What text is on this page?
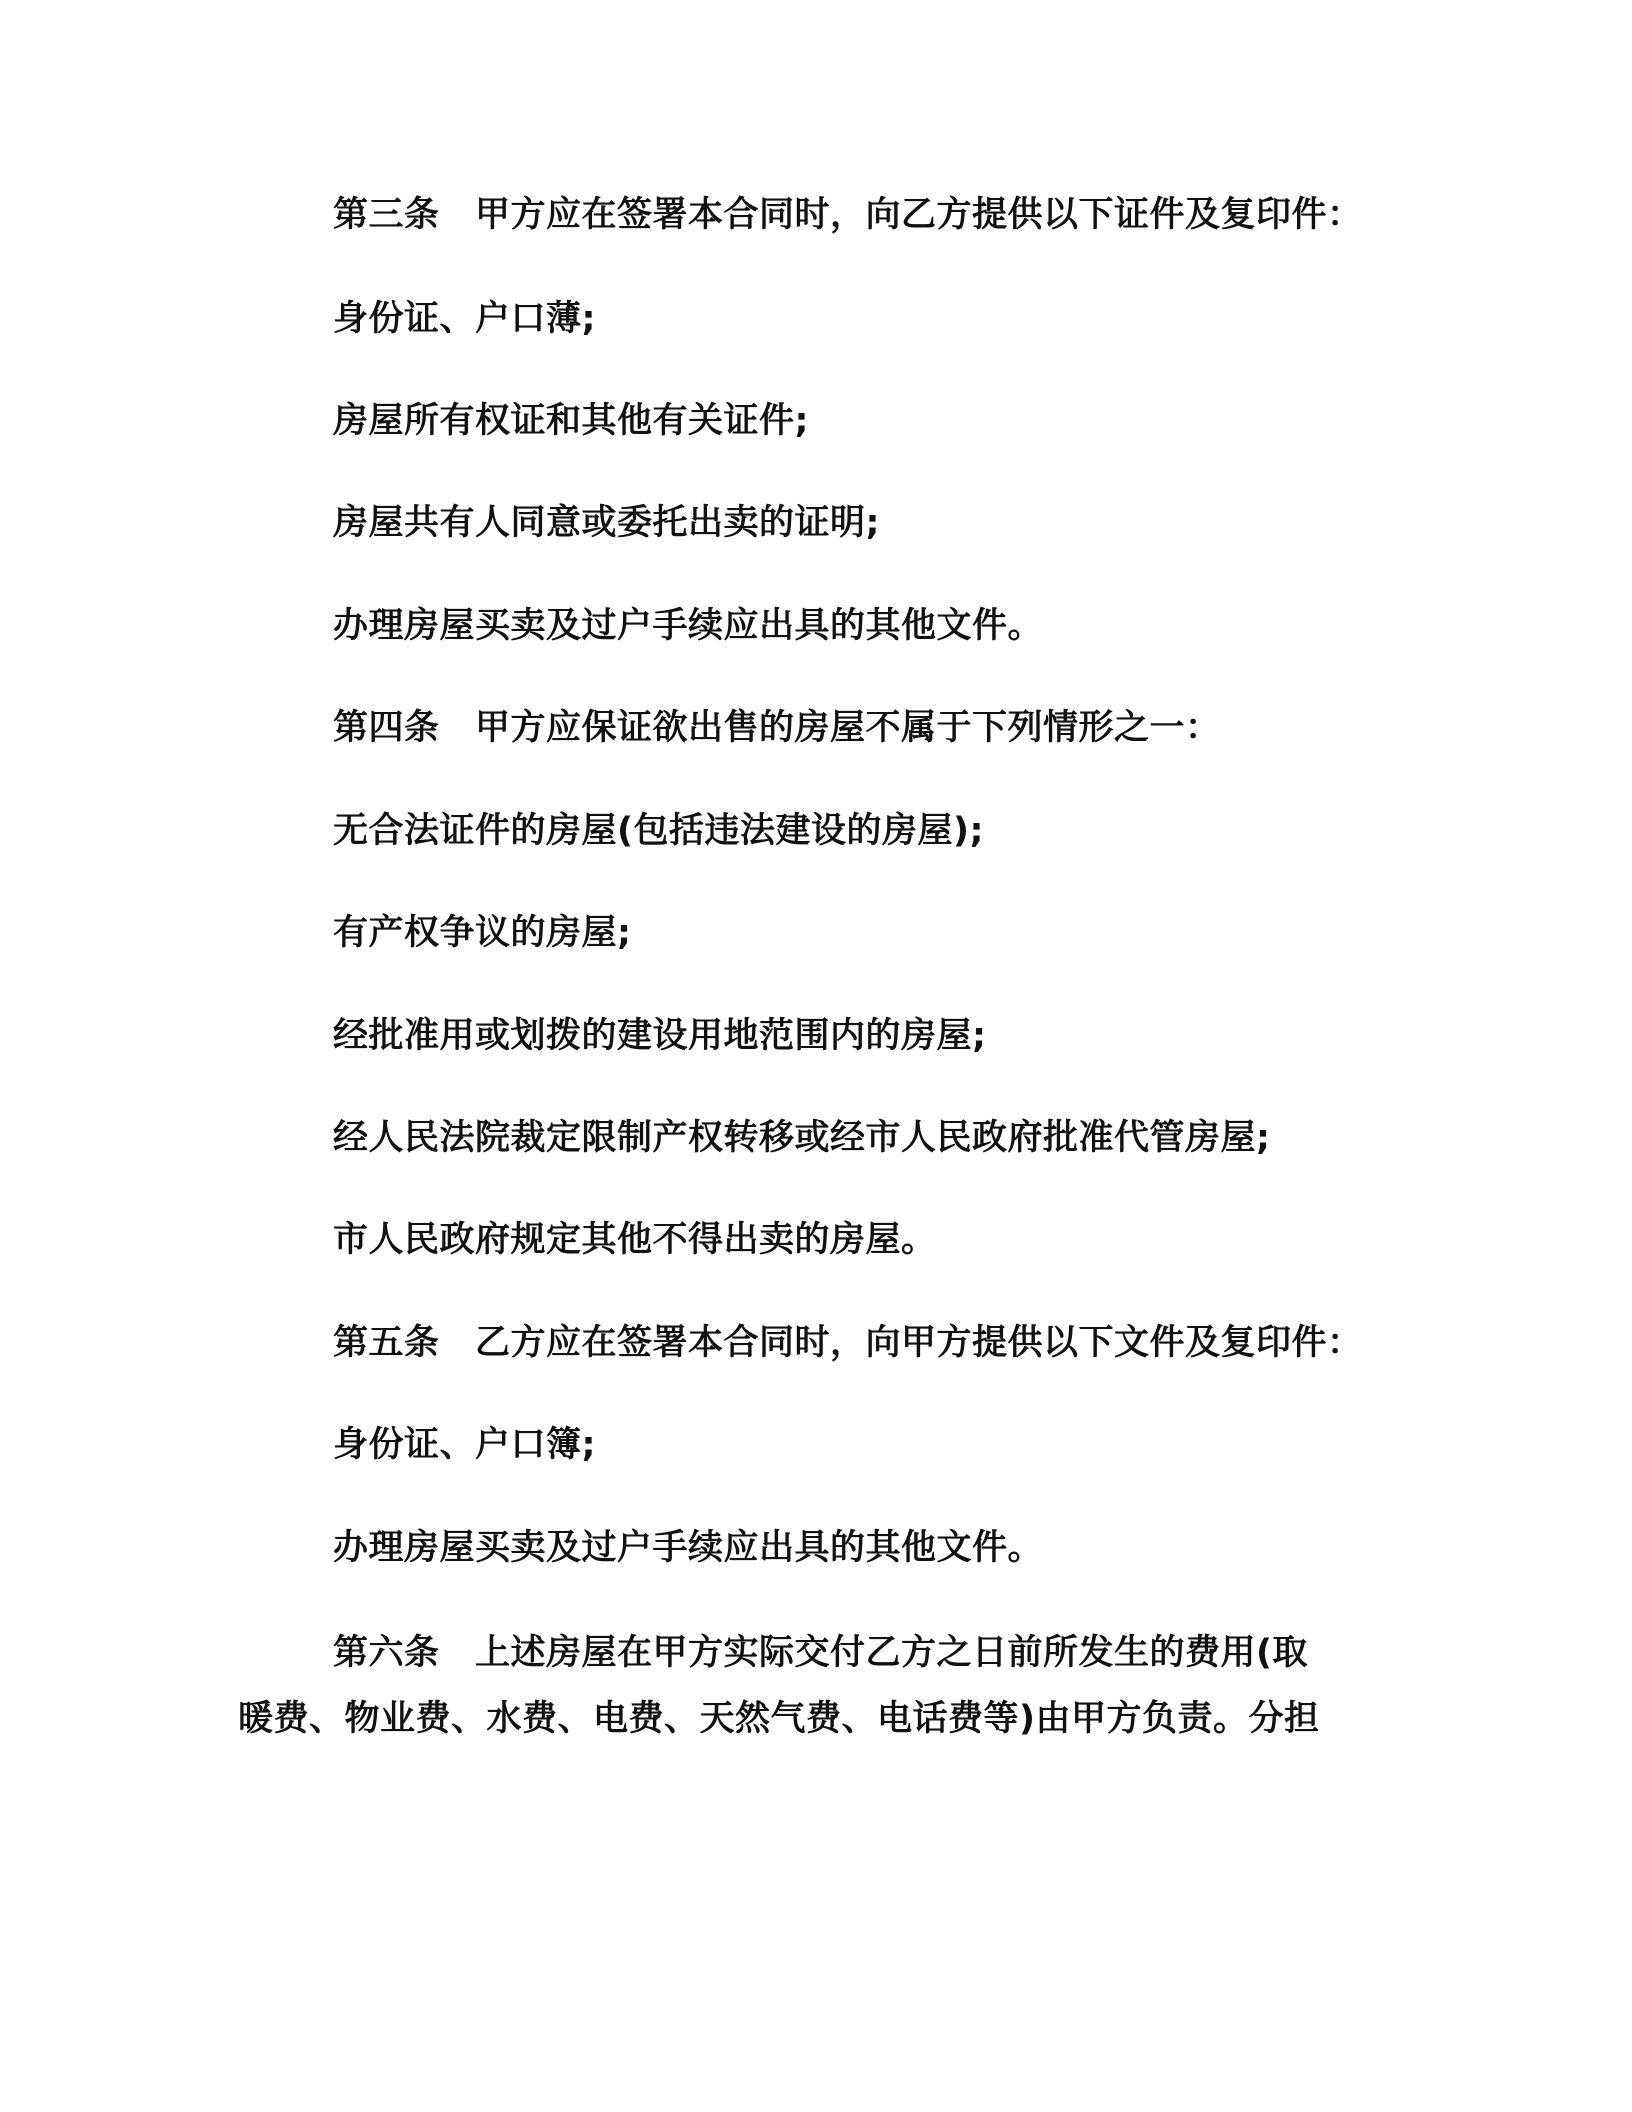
第三条　甲方应在签署本合同时，向乙方提供以下证件及复印件：
身份证、户口薄;
房屋所有权证和其他有关证件;
房屋共有人同意或委托出卖的证明;
办理房屋买卖及过户手续应出具的其他文件。
第四条　甲方应保证欲出售的房屋不属于下列情形之一：
无合法证件的房屋(包括违法建设的房屋);
有产权争议的房屋;
经批准用或划拨的建设用地范围内的房屋;
经人民法院裁定限制产权转移或经市人民政府批准代管房屋;
市人民政府规定其他不得出卖的房屋。
第五条　乙方应在签署本合同时，向甲方提供以下文件及复印件：
身份证、户口簿;
办理房屋买卖及过户手续应出具的其他文件。
第六条　上述房屋在甲方实际交付乙方之日前所发生的费用(取
暖费、物业费、水费、电费、天然气费、电话费等)由甲方负责。分担
